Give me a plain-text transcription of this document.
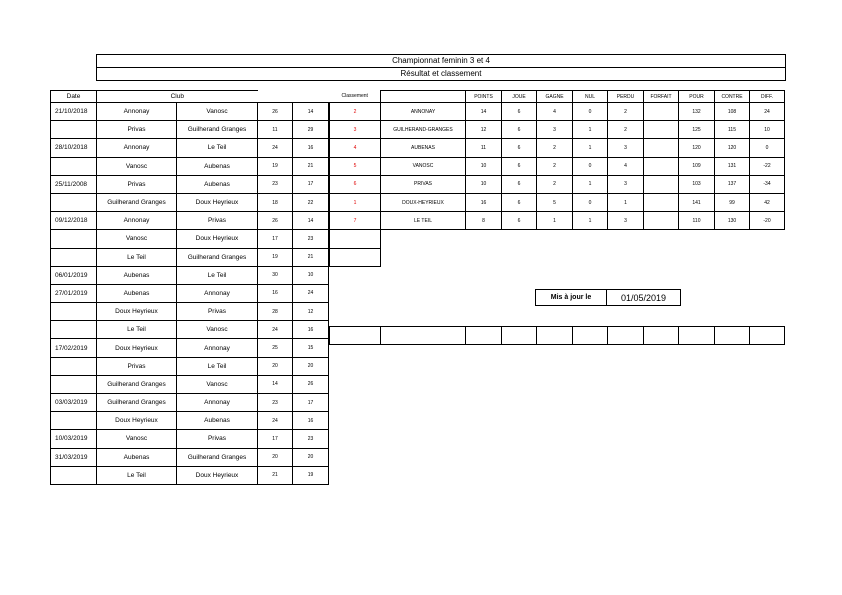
Championnat feminin 3 et 4
Résultat et classement
Date	Club			
21/10/2018	Annonay	Vanosc	26	14
	Privas	Guilherand Granges	11	29
28/10/2018	Annonay	Le Teil	24	16
	Vanosc	Aubenas	19	21
25/11/2008	Privas	Aubenas	23	17
	Guilherand Granges	Doux Heyrieux	18	22
09/12/2018	Annonay	Privas	26	14
	Vanosc	Doux Heyrieux	17	23
	Le Teil	Guilherand Granges	19	21
06/01/2019	Aubenas	Le Teil	30	10
27/01/2019	Aubenas	Annonay	16	24
	Doux Heyrieux	Privas	28	12
	Le Teil	Vanosc	24	16
17/02/2019	Doux Heyrieux	Annonay	25	15
	Privas	Le Teil	20	20
	Guilherand Granges	Vanosc	14	26
03/03/2019	Guilherand Granges	Annonay	23	17
	Doux Heyrieux	Aubenas	24	16
10/03/2019	Vanosc	Privas	17	23
31/03/2019	Aubenas	Guilherand Granges	20	20
	Le Teil	Doux Heyrieux	21	19
Classement		POINTS	JOUE	GAGNE	NUL	PERDU	FORFAIT	POUR	CONTRE	DIFF.
2	ANNONAY	14	6	4	0	2		132	108	24
3	GUILHERAND-GRANGES	12	6	3	1	2		125	115	10
4	AUBENAS	11	6	2	1	3		120	120	0
5	VANOSC	10	6	2	0	4		109	131	-22
6	PRIVAS	10	6	2	1	3		103	137	-34
1	DOUX-HEYRIEUX	16	6	5	0	1		141	99	42
7	LE TEIL	8	6	1	1	3		110	130	-20

Mis à jour le	01/05/2019
